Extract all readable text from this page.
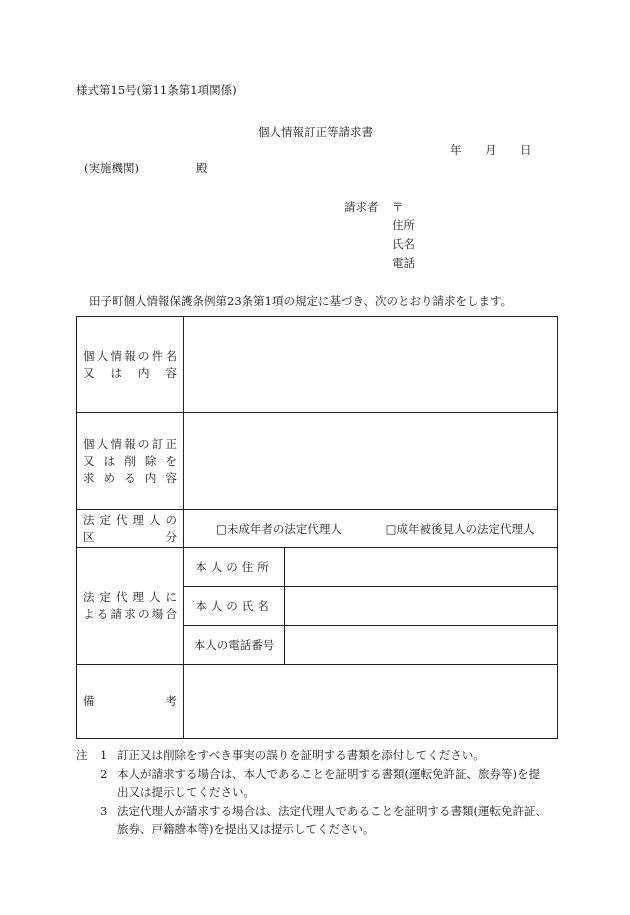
様式第15号(第11条第1項関係)
個人情報訂正等請求書
年 月 日
(実施機関)	殿
請求者 〒
住所
氏名
電話
田子町個人情報保護条例第23条第1項の規定に基づき、次のとおり請求をします。
個人情報の件名
又は内容		

個人情報の訂正
又は削除を
求める内容		

法定代理人の
区分	□未成年者の法定代理人 □成年被後見人の法定代理人	

法定代理人に
よる請求の場合	本人の住所	
	本人の氏名	
	本人の電話番号	

備考		

注	1 訂正又は削除をすべき事実の誤りを証明する書類を添付してください。
2 本人が請求する場合は、本人であることを証明する書類(運転免許証、旅券等)を提
出又は提示してください。
3 法定代理人が請求する場合は、法定代理人であることを証明する書類(運転免許証、
旅券、戸籍謄本等)を提出又は提示してください。
